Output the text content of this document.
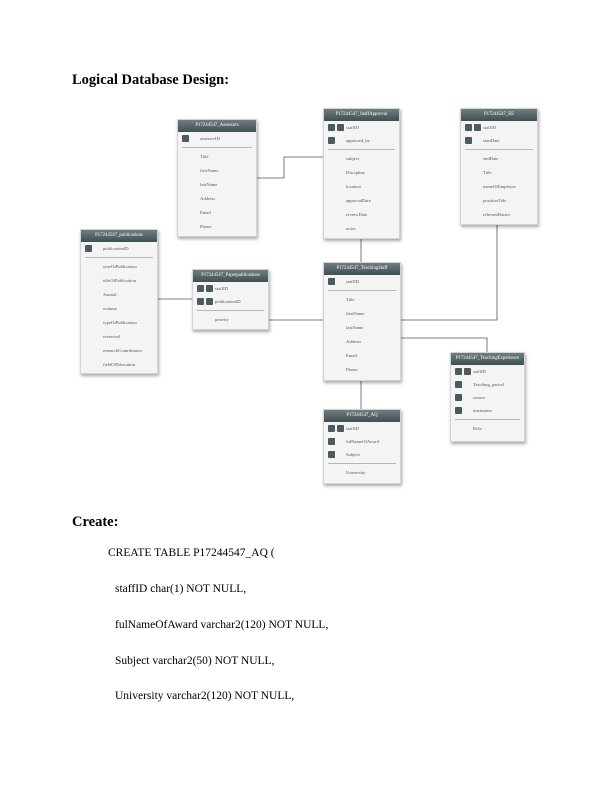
Logical Database Design:
P17244547_Assessors
assessorID
Title
firstName
lastName
Address
Email
Phone
P17244547_StaffApproval
staffID
approved_by
subject
Discipline
location
approvalDate
reviewDate
notes
P17244547_EE
staffID
startDate
endDate
Title
nameOfEmployer
positionTitle
relevantDuties
P17244547_publications
publicationID
yearOfPublication
titleOfPublication
Journal
volume
typeOfPublication
reviewed
researchContribution
fieldOfEducation
P17244547_Paperpublications
staffID
publicationID
priority
P17244547_TeachingStaff
staffID
Title
firstName
lastName
Address
Email
Phone
P17244547_TeachingExperience
staffID
Teaching_period
course
institution
Role
P17244547_AQ
staffID
fulNameOfAward
Subject
University
Create:
CREATE TABLE P17244547_AQ (
staffID char(1) NOT NULL,
fulNameOfAward varchar2(120) NOT NULL,
Subject varchar2(50) NOT NULL,
University varchar2(120) NOT NULL,
